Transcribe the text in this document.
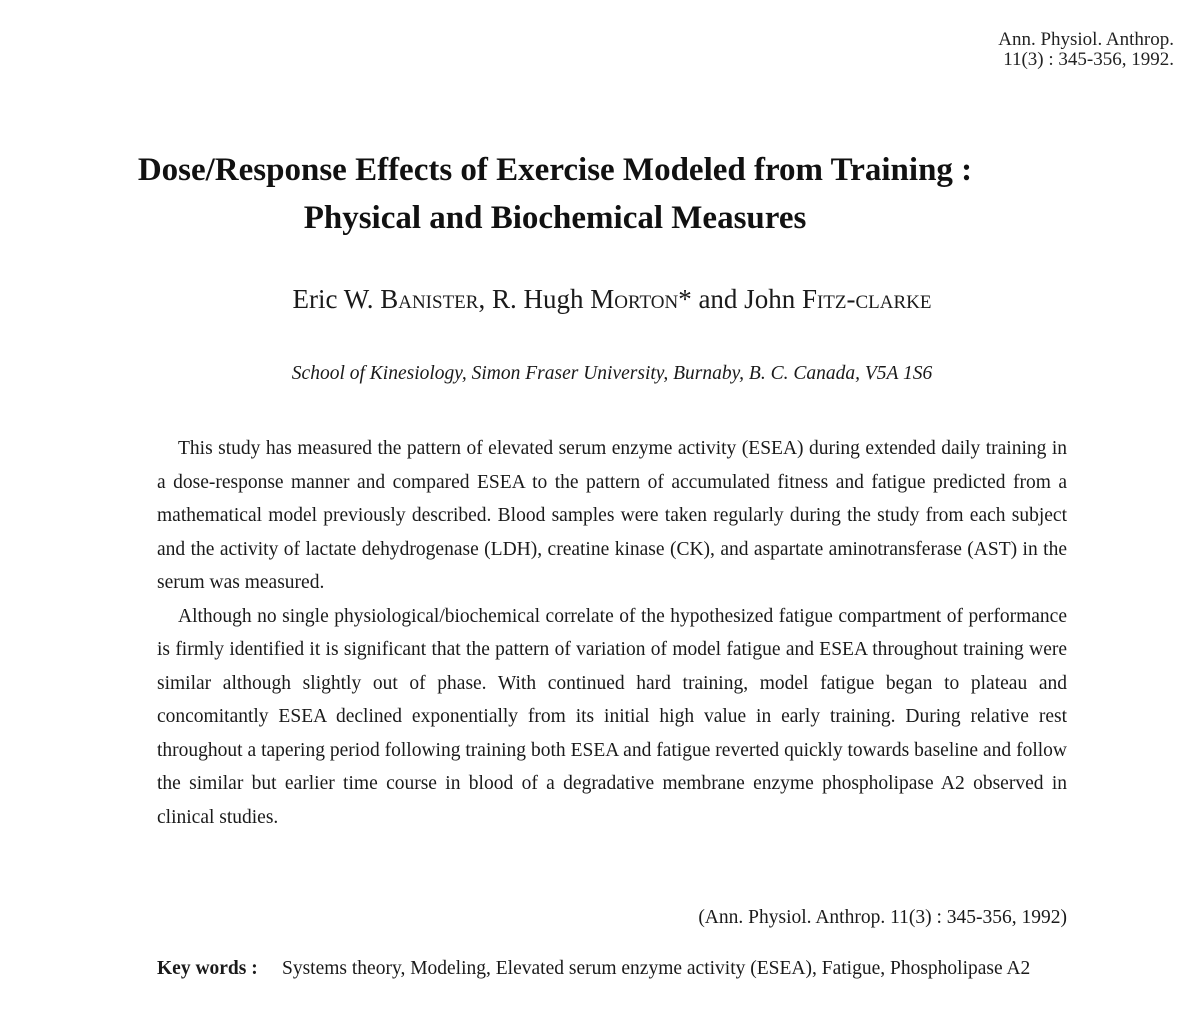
Ann. Physiol. Anthrop.
11(3) : 345-356, 1992.
Dose/Response Effects of Exercise Modeled from Training :
Physical and Biochemical Measures
Eric W. Banister, R. Hugh Morton* and John Fitz-clarke
School of Kinesiology, Simon Fraser University, Burnaby, B. C. Canada, V5A 1S6

This study has measured the pattern of elevated serum enzyme activity (ESEA) during extended daily training in a dose-response manner and compared ESEA to the pattern of accumulated fitness and fatigue predicted from a mathematical model previously described. Blood samples were taken regularly during the study from each subject and the activity of lactate dehydrogenase (LDH), creatine kinase (CK), and aspartate aminotransferase (AST) in the serum was measured.

Although no single physiological/biochemical correlate of the hypothesized fatigue compartment of performance is firmly identified it is significant that the pattern of variation of model fatigue and ESEA throughout training were similar although slightly out of phase. With continued hard training, model fatigue began to plateau and concomitantly ESEA declined exponentially from its initial high value in early training. During relative rest throughout a tapering period following training both ESEA and fatigue reverted quickly towards baseline and follow the similar but earlier time course in blood of a degradative membrane enzyme phospholipase A2 observed in clinical studies.

(Ann. Physiol. Anthrop. 11(3) : 345-356, 1992)
Key words : Systems theory, Modeling, Elevated serum enzyme activity (ESEA), Fatigue, Phospholipase A2
